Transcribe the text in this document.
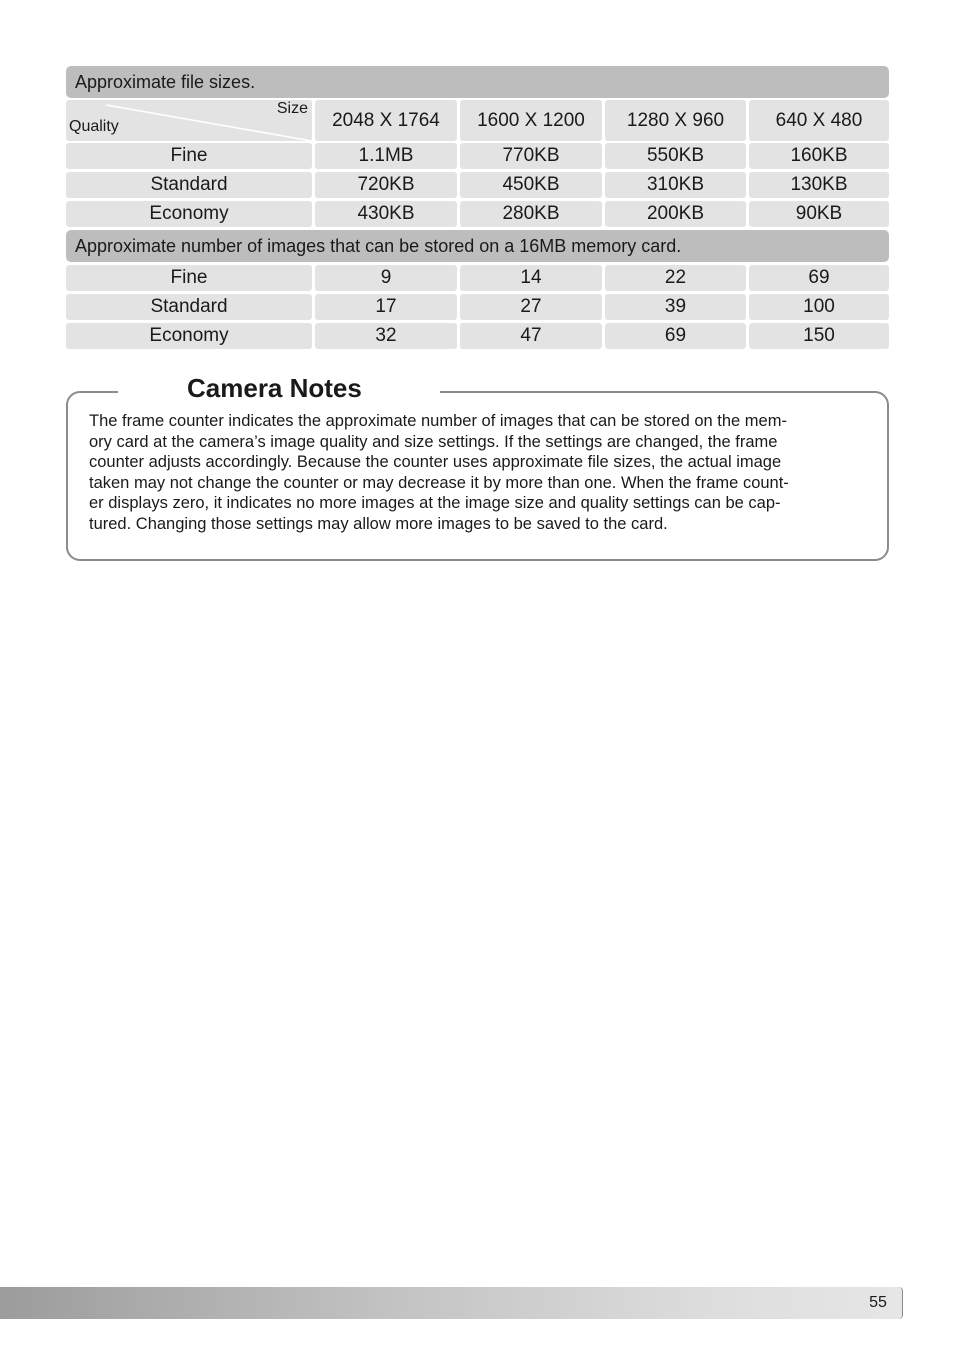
Approximate file sizes.
Size
Quality	2048 X 1764	1600 X 1200	1280 X 960	640 X 480
Fine	1.1MB	770KB	550KB	160KB
Standard	720KB	450KB	310KB	130KB
Economy	430KB	280KB	200KB	90KB
Approximate number of images that can be stored on a 16MB memory card.
Fine	9	14	22	69
Standard	17	27	39	100
Economy	32	47	69	150
Camera Notes
The frame counter indicates the approximate number of images that can be stored on the mem-
ory card at the camera’s image quality and size settings. If the settings are changed, the frame
counter adjusts accordingly. Because the counter uses approximate file sizes, the actual image
taken may not change the counter or may decrease it by more than one. When the frame count-
er displays zero, it indicates no more images at the image size and quality settings can be cap-
tured. Changing those settings may allow more images to be saved to the card.
55
